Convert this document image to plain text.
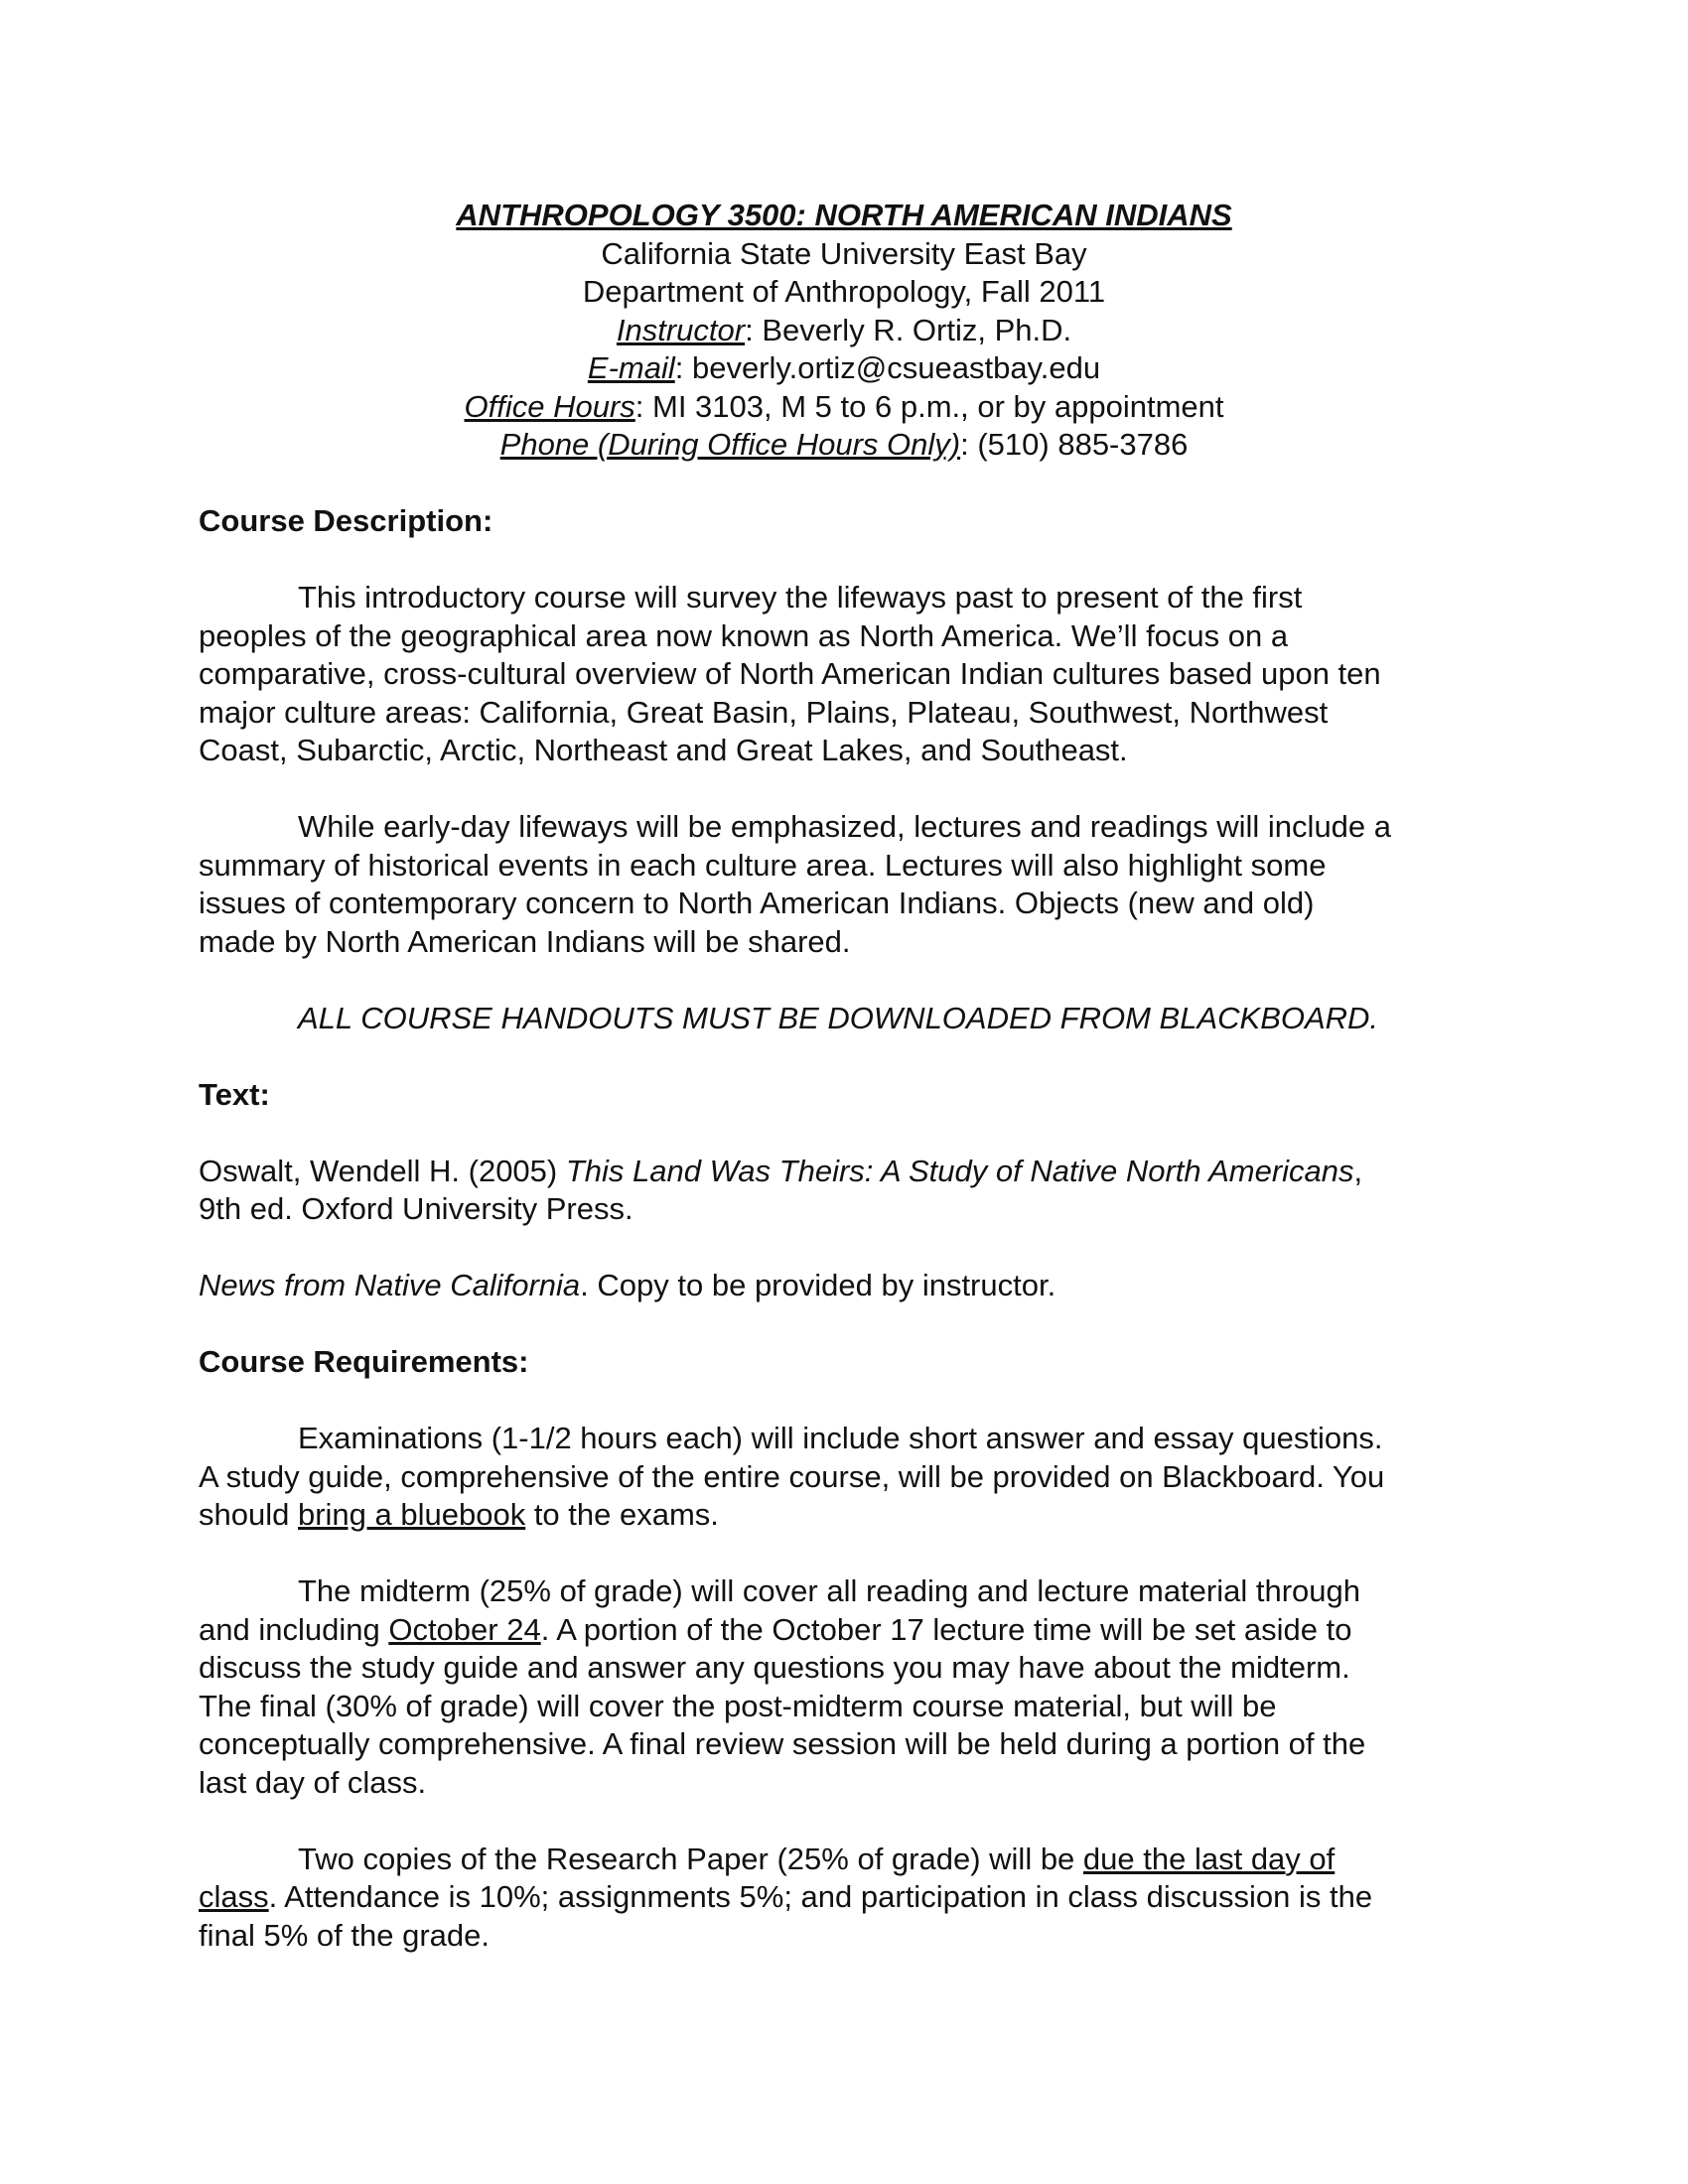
ANTHROPOLOGY 3500: NORTH AMERICAN INDIANS
California State University East Bay
Department of Anthropology, Fall 2011
Instructor: Beverly R. Ortiz, Ph.D.
E-mail: beverly.ortiz@csueastbay.edu
Office Hours: MI 3103, M 5 to 6 p.m., or by appointment
Phone (During Office Hours Only): (510) 885-3786

Course Description:

This introductory course will survey the lifeways past to present of the first

peoples of the geographical area now known as North America. We’ll focus on a

comparative, cross-cultural overview of North American Indian cultures based upon ten

major culture areas: California, Great Basin, Plains, Plateau, Southwest, Northwest

Coast, Subarctic, Arctic, Northeast and Great Lakes, and Southeast.

While early-day lifeways will be emphasized, lectures and readings will include a

summary of historical events in each culture area. Lectures will also highlight some

issues of contemporary concern to North American Indians. Objects (new and old)

made by North American Indians will be shared.

ALL COURSE HANDOUTS MUST BE DOWNLOADED FROM BLACKBOARD.

Text:

Oswalt, Wendell H. (2005) This Land Was Theirs: A Study of Native North Americans,

9th ed. Oxford University Press.

News from Native California. Copy to be provided by instructor.

Course Requirements:

Examinations (1-1/2 hours each) will include short answer and essay questions.

A study guide, comprehensive of the entire course, will be provided on Blackboard. You

should bring a bluebook to the exams.

The midterm (25% of grade) will cover all reading and lecture material through

and including October 24. A portion of the October 17 lecture time will be set aside to

discuss the study guide and answer any questions you may have about the midterm.

The final (30% of grade) will cover the post-midterm course material, but will be

conceptually comprehensive. A final review session will be held during a portion of the

last day of class.

Two copies of the Research Paper (25% of grade) will be due the last day of

class. Attendance is 10%; assignments 5%; and participation in class discussion is the

final 5% of the grade.
